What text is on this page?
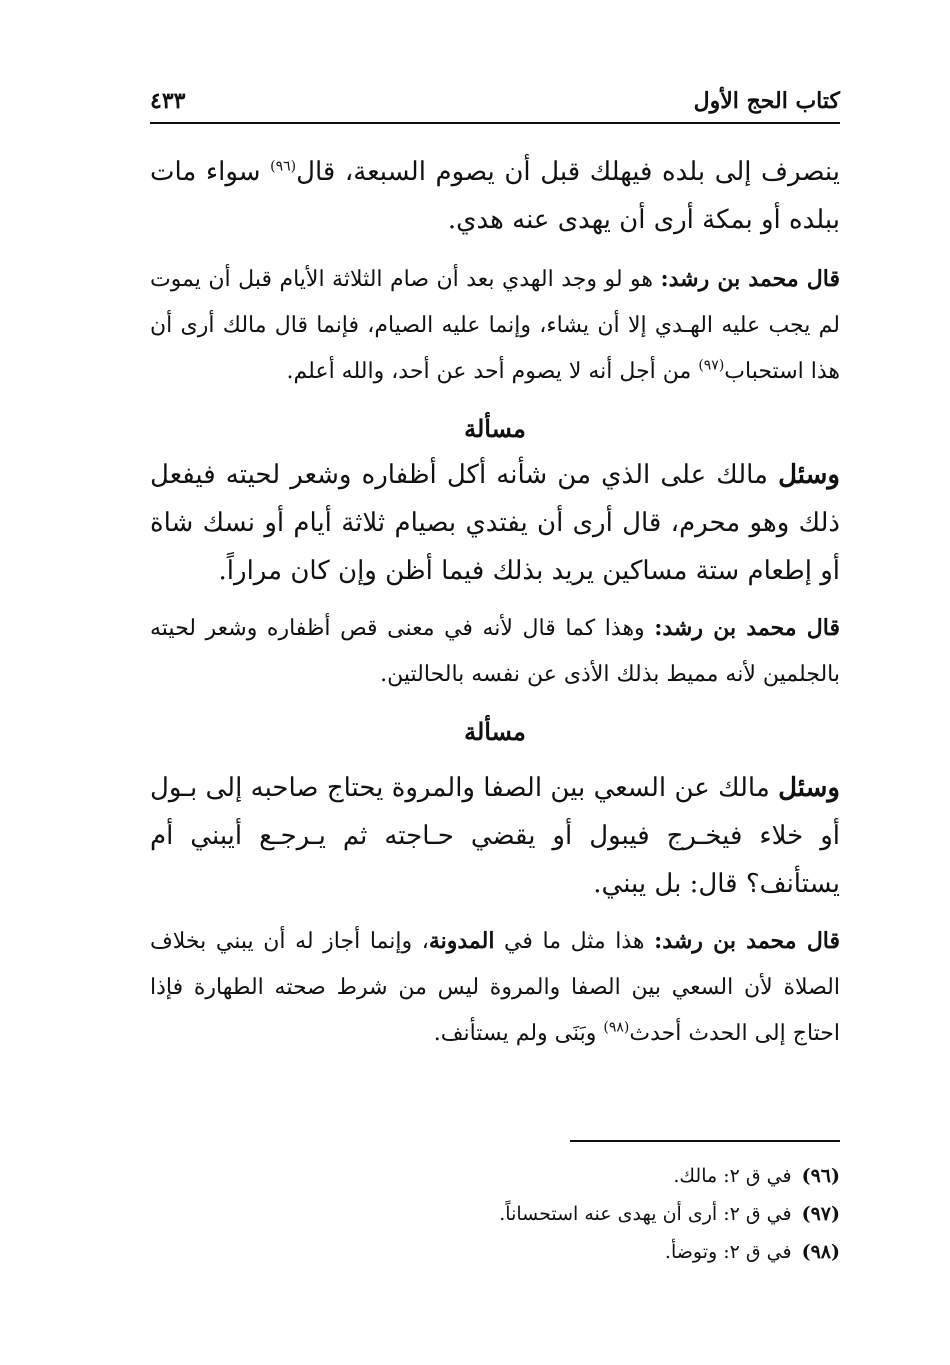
كتاب الحج الأول
٤٣٣

ينصرف إلى بلده فيهلك قبل أن يصوم السبعة، قال$^{(٩٦)}$ سواء مات ببلده أو بمكة أرى أن يهدى عنه هدي.

قال محمد بن رشد: هو لو وجد الهدي بعد أن صام الثلاثة الأيام قبل أن يموت لم يجب عليه الهـدي إلا أن يشاء، وإنما عليه الصيام، فإنما قال مالك أرى أن هذا استحباب$^{(٩٧)}$ من أجل أنه لا يصوم أحد عن أحد، والله أعلم.

مسألة

وسئل مالك على الذي من شأنه أكل أظفاره وشعر لحيته فيفعل ذلك وهو محرم، قال أرى أن يفتدي بصيام ثلاثة أيام أو نسك شاة أو إطعام ستة مساكين يريد بذلك فيما أظن وإن كان مراراً.

قال محمد بن رشد: وهذا كما قال لأنه في معنى قص أظفاره وشعر لحيته بالجلمين لأنه مميط بذلك الأذى عن نفسه بالحالتين.

مسألة

وسئل مالك عن السعي بين الصفا والمروة يحتاج صاحبه إلى بـول أو خلاء فيخـرج فيبول أو يقضي حـاجته ثم يـرجـع أيبني أم يستأنف؟ قال: بل يبني.

قال محمد بن رشد: هذا مثل ما في المدونة، وإنما أجاز له أن يبني بخلاف الصلاة لأن السعي بين الصفا والمروة ليس من شرط صحته الطهارة فإذا احتاج إلى الحدث أحدث$^{(٩٨)}$ وبَنَى ولم يستأنف.

(٩٦)في ق ٢: مالك.

(٩٧)في ق ٢: أرى أن يهدى عنه استحساناً.

(٩٨)في ق ٢: وتوضأ.
